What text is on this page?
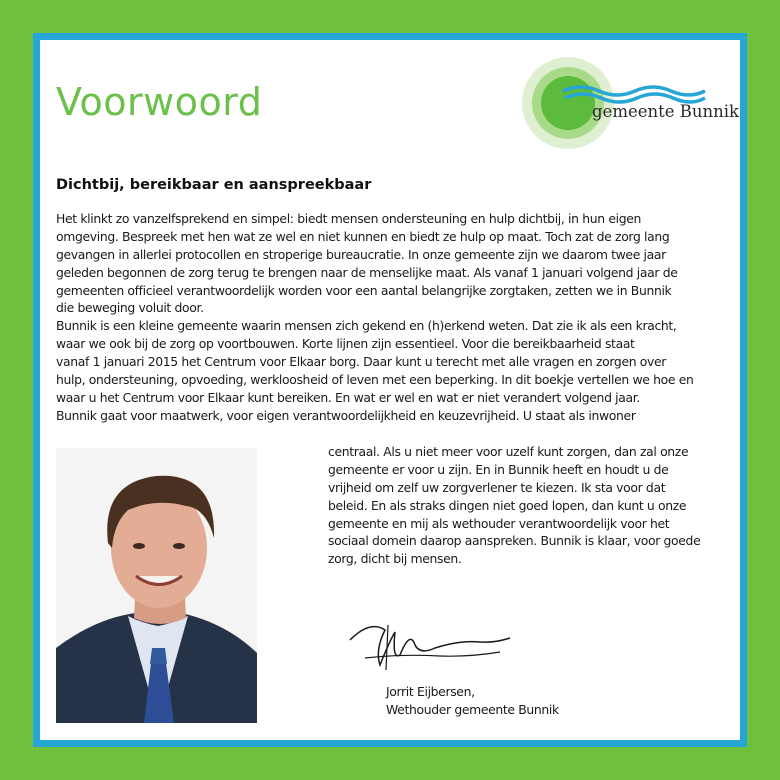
Voorwoord	gemeente Bunnik
Dichtbij, bereikbaar en aanspreekbaar
Het klinkt zo vanzelfsprekend en simpel: biedt mensen ondersteuning en hulp dichtbij, in hun eigen
omgeving. Bespreek met hen wat ze wel en niet kunnen en biedt ze hulp op maat. Toch zat de zorg lang
gevangen in allerlei protocollen en stroperige bureaucratie. In onze gemeente zijn we daarom twee jaar
geleden begonnen de zorg terug te brengen naar de menselijke maat. Als vanaf 1 januari volgend jaar de
gemeenten officieel verantwoordelijk worden voor een aantal belangrijke zorgtaken, zetten we in Bunnik
die beweging voluit door.
Bunnik is een kleine gemeente waarin mensen zich gekend en (h)erkend weten. Dat zie ik als een kracht,
waar we ook bij de zorg op voortbouwen. Korte lijnen zijn essentieel. Voor die bereikbaarheid staat
vanaf 1 januari 2015 het Centrum voor Elkaar borg. Daar kunt u terecht met alle vragen en zorgen over
hulp, ondersteuning, opvoeding, werkloosheid of leven met een beperking. In dit boekje vertellen we hoe en
waar u het Centrum voor Elkaar kunt bereiken. En wat er wel en wat er niet verandert volgend jaar.
Bunnik gaat voor maatwerk, voor eigen verantwoordelijkheid en keuzevrijheid. U staat als inwoner
centraal. Als u niet meer voor uzelf kunt zorgen, dan zal onze
gemeente er voor u zijn. En in Bunnik heeft en houdt u de
vrijheid om zelf uw zorgverlener te kiezen. Ik sta voor dat
beleid. En als straks dingen niet goed lopen, dan kunt u onze
gemeente en mij als wethouder verantwoordelijk voor het
sociaal domein daarop aanspreken. Bunnik is klaar, voor goede
zorg, dicht bij mensen.
Jorrit Eijbersen,
Wethouder gemeente Bunnik
